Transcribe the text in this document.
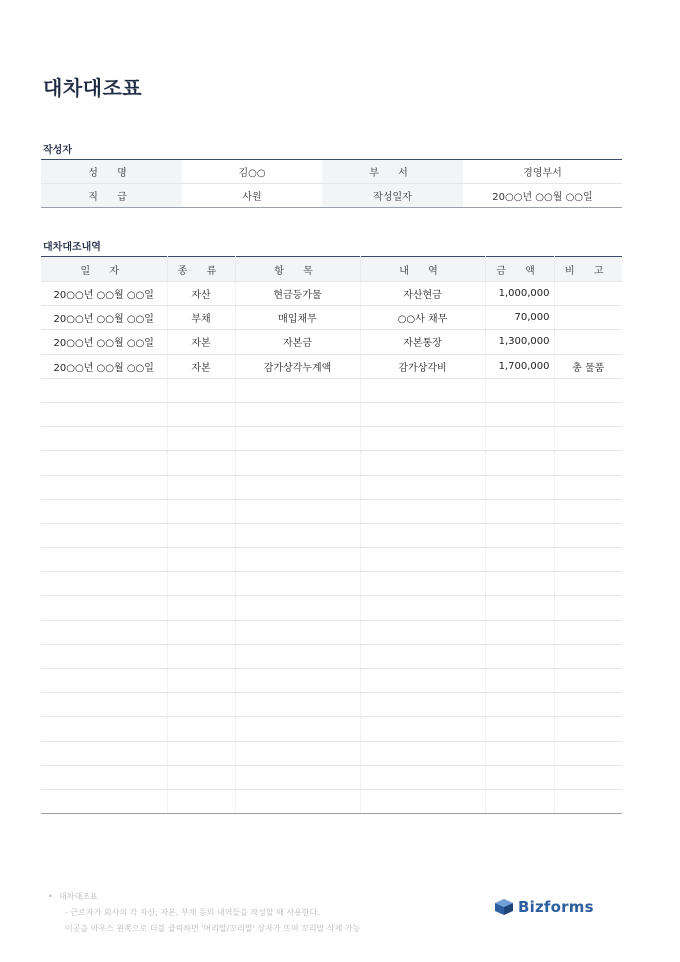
대차대조표
작성자
성 명	김○○	부 서	경영부서
직 급	사원	작성일자	20○○년 ○○월 ○○일
대차대조내역
일 자	종 류	항 목	내 역	금 액	비 고
20○○년 ○○월 ○○일	자산	현금등가물	자산현금	1,000,000	
20○○년 ○○월 ○○일	부채	매입채무	○○사 채무	70,000	
20○○년 ○○월 ○○일	자본	자본금	자본통장	1,300,000	
20○○년 ○○월 ○○일	자본	감가상각누계액	감가상각비	1,700,000	총 물품

• 대차대조표
- 근로자가 회사의 각 자산, 자본, 부채 등의 내역들을 작성할 때 사용한다.
이곳을 마우스 왼쪽으로 더블 클릭하면 '머리말/꼬리말' 상자가 뜨며 꼬리말 삭제 가능
Bizforms
